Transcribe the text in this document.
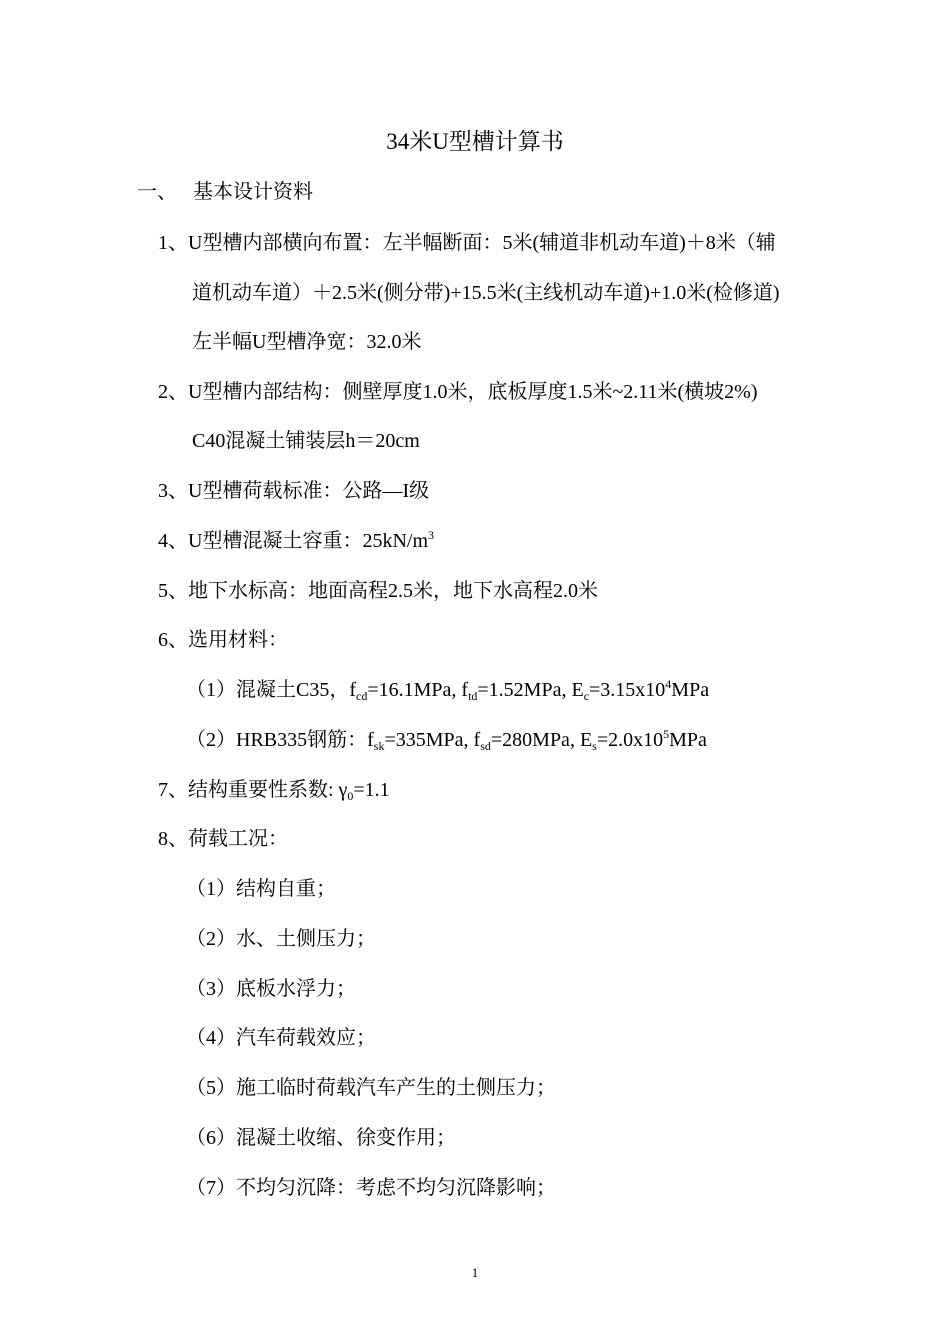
34米U型槽计算书
一、 基本设计资料
1、U型槽内部横向布置：左半幅断面：5米(辅道非机动车道)＋8米（辅
道机动车道）＋2.5米(侧分带)+15.5米(主线机动车道)+1.0米(检修道)
左半幅U型槽净宽：32.0米
2、U型槽内部结构：侧壁厚度1.0米，底板厚度1.5米~2.11米(横坡2%)
C40混凝土铺装层h＝20cm
3、U型槽荷载标准：公路—I级
4、U型槽混凝土容重：$25kN/m^3$
5、地下水标高：地面高程2.5米，地下水高程2.0米
6、选用材料：
（1）混凝土C35，$f_{cd}=16.1MPa$, $f_{td}=1.52MPa$, $E_c=3.15x10^4MPa$
（2）HRB335钢筋：$f_{sk}=335MPa$, $f_{sd}=280MPa$, $E_s=2.0x10^5MPa$
7、结构重要性系数: $\gamma_0=1.1$
8、荷载工况：
（1）结构自重；
（2）水、土侧压力；
（3）底板水浮力；
（4）汽车荷载效应；
（5）施工临时荷载汽车产生的土侧压力；
（6）混凝土收缩、徐变作用；
（7）不均匀沉降：考虑不均匀沉降影响；
1
